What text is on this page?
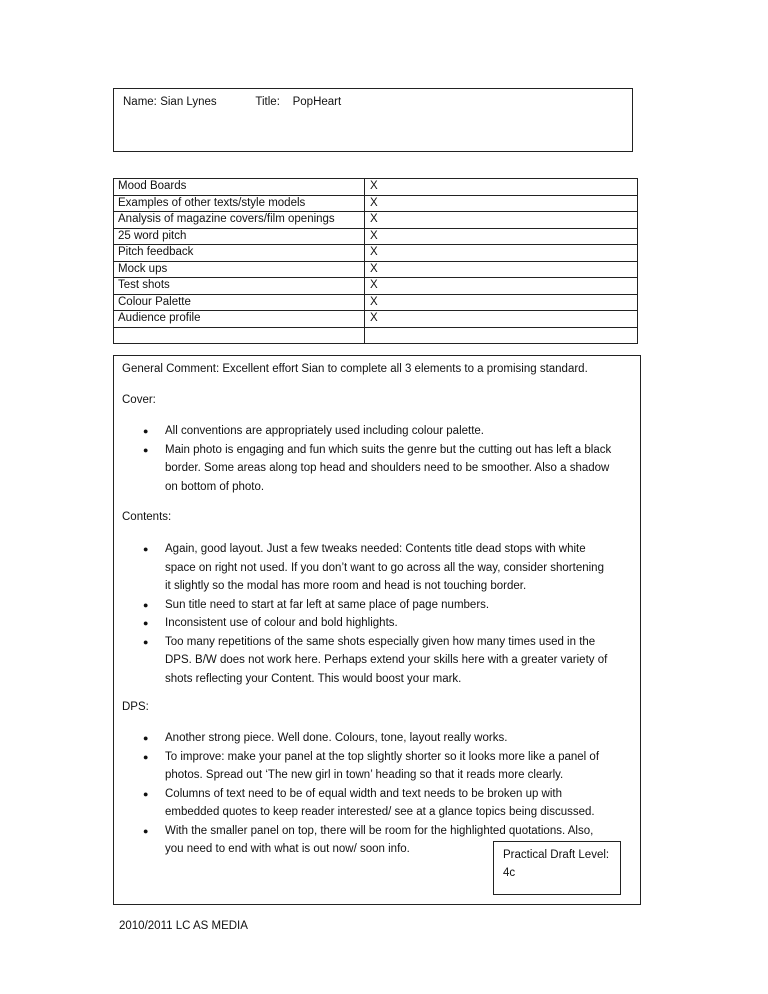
Name: Sian Lynes	Title: PopHeart
Mood Boards	X
Examples of other texts/style models	X
Analysis of magazine covers/film openings	X
25 word pitch	X
Pitch feedback	X
Mock ups	X
Test shots	X
Colour Palette	X
Audience profile	X

General Comment: Excellent effort Sian to complete all 3 elements to a promising standard.
Cover:
● All conventions are appropriately used including colour palette.
● Main photo is engaging and fun which suits the genre but the cutting out has left a black
border. Some areas along top head and shoulders need to be smoother. Also a shadow
on bottom of photo.
Contents:
● Again, good layout. Just a few tweaks needed: Contents title dead stops with white
space on right not used. If you don’t want to go across all the way, consider shortening
it slightly so the modal has more room and head is not touching border.
● Sun title need to start at far left at same place of page numbers.
● Inconsistent use of colour and bold highlights.
● Too many repetitions of the same shots especially given how many times used in the
DPS. B/W does not work here. Perhaps extend your skills here with a greater variety of
shots reflecting your Content. This would boost your mark.
DPS:
● Another strong piece. Well done. Colours, tone, layout really works.
● To improve: make your panel at the top slightly shorter so it looks more like a panel of
photos. Spread out ‘The new girl in town’ heading so that it reads more clearly.
● Columns of text need to be of equal width and text needs to be broken up with
embedded quotes to keep reader interested/ see at a glance topics being discussed.
● With the smaller panel on top, there will be room for the highlighted quotations. Also,
you need to end with what is out now/ soon info.	Practical Draft Level:
4c
2010/2011 LC AS MEDIA
